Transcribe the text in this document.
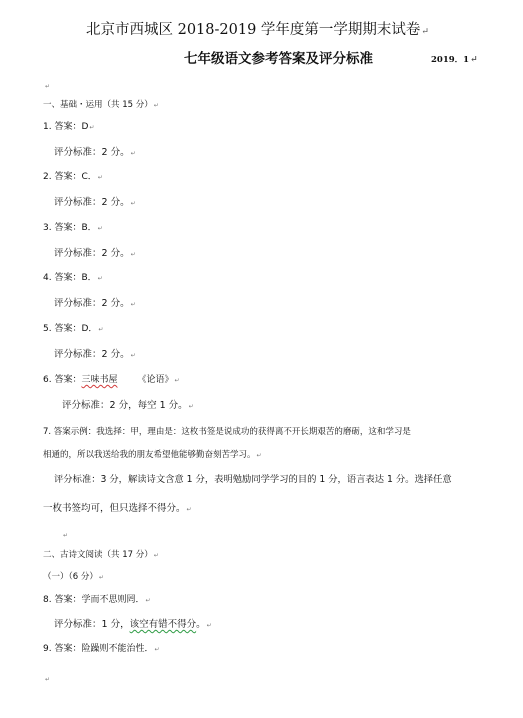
北京市西城区 2018-2019 学年度第一学期期末试卷↵
七年级语文参考答案及评分标准	2019．1↵
↵
一、基础・运用（共 15 分）↵
1. 答案：D↵
评分标准：2 分。↵
2. 答案：C．↵
评分标准：2 分。↵
3. 答案：B．↵
评分标准：2 分。↵
4. 答案：B．↵
评分标准：2 分。↵
5. 答案：D．↵
评分标准：2 分。↵
6. 答案：三味书屋 《论语》↵
评分标准：2 分，每空 1 分。↵
7. 答案示例：我选择：甲，理由是：这枚书签是说成功的获得离不开长期艰苦的磨砺，这和学习是
相通的，所以我送给我的朋友希望他能够勤奋刻苦学习。↵
评分标准：3 分，解读诗文含意 1 分，表明勉励同学学习的目的 1 分，语言表达 1 分。选择任意
一枚书签均可，但只选择不得分。↵
↵
二、古诗文阅读（共 17 分）↵
（一）（6 分）↵
8. 答案：学而不思则罔．↵
评分标准：1 分，该空有错不得分。↵
9. 答案：险躁则不能治性．↵
↵
